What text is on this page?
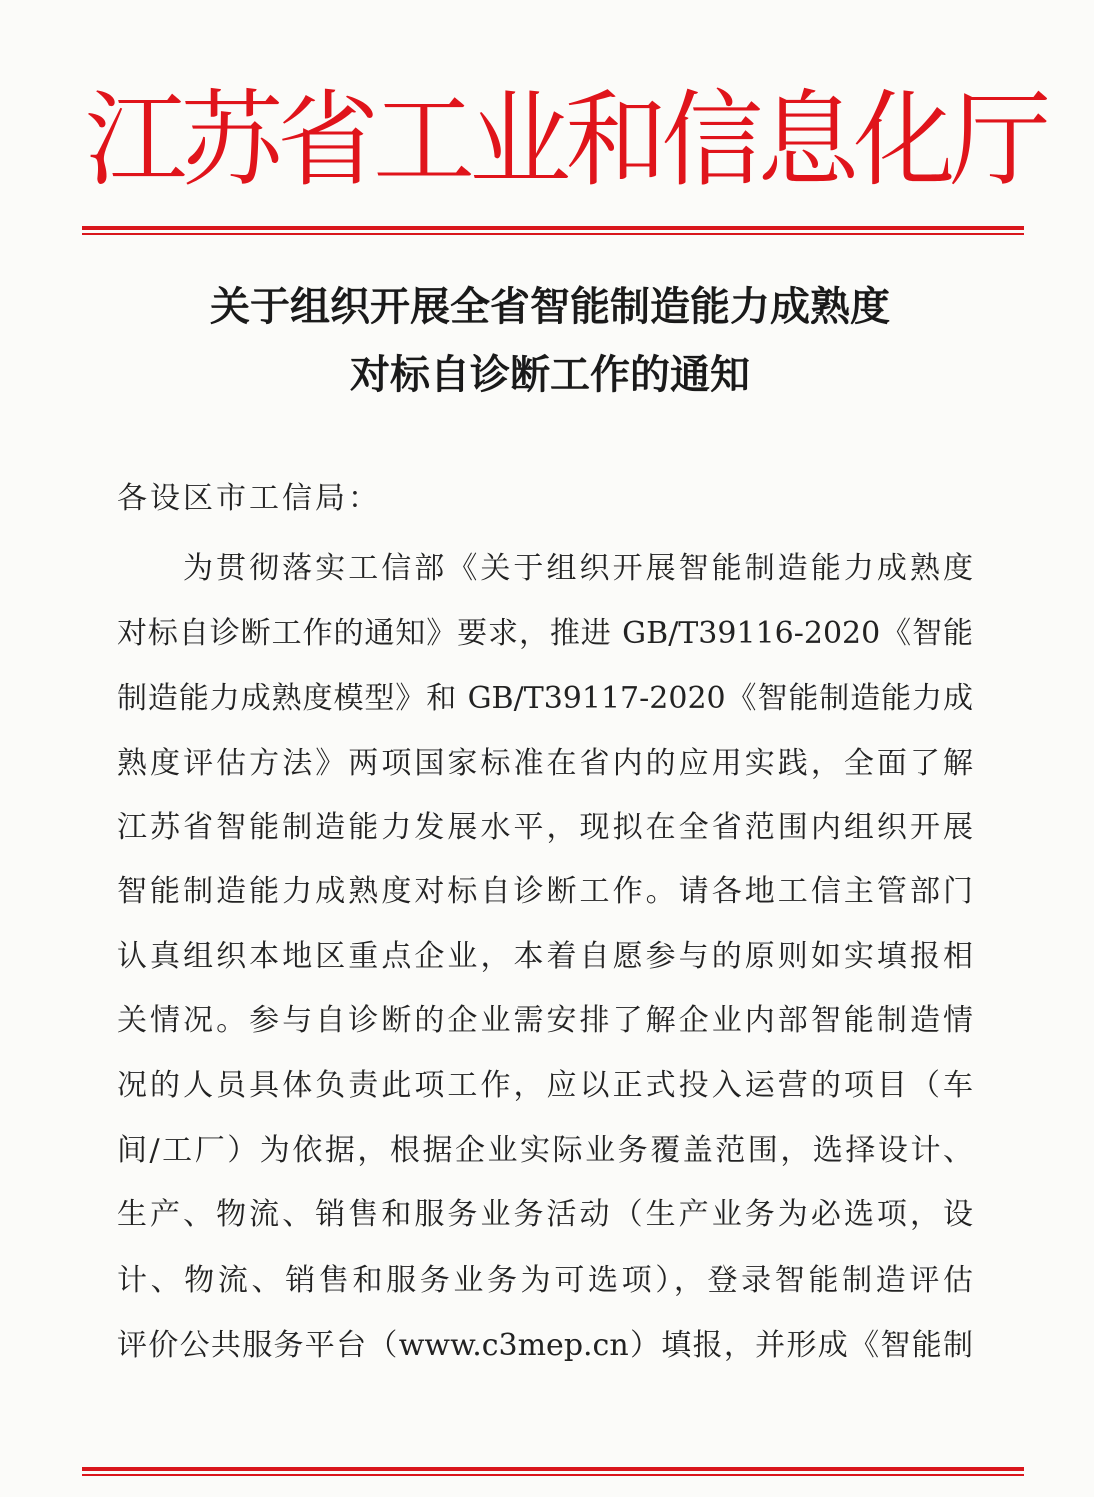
江苏省工业和信息化厅
关于组织开展全省智能制造能力成熟度
对标自诊断工作的通知

各设区市工信局：

为贯彻落实工信部《关于组织开展智能制造能力成熟度

对标自诊断工作的通知》要求，推进 GB/T39116-2020《智能

制造能力成熟度模型》和 GB/T39117-2020《智能制造能力成

熟度评估方法》两项国家标准在省内的应用实践，全面了解

江苏省智能制造能力发展水平，现拟在全省范围内组织开展

智能制造能力成熟度对标自诊断工作。请各地工信主管部门

认真组织本地区重点企业，本着自愿参与的原则如实填报相

关情况。参与自诊断的企业需安排了解企业内部智能制造情

况的人员具体负责此项工作，应以正式投入运营的项目（车

间/工厂）为依据，根据企业实际业务覆盖范围，选择设计、

生产、物流、销售和服务业务活动（生产业务为必选项，设

计、物流、销售和服务业务为可选项），登录智能制造评估

评价公共服务平台（www.c3mep.cn）填报，并形成《智能制
